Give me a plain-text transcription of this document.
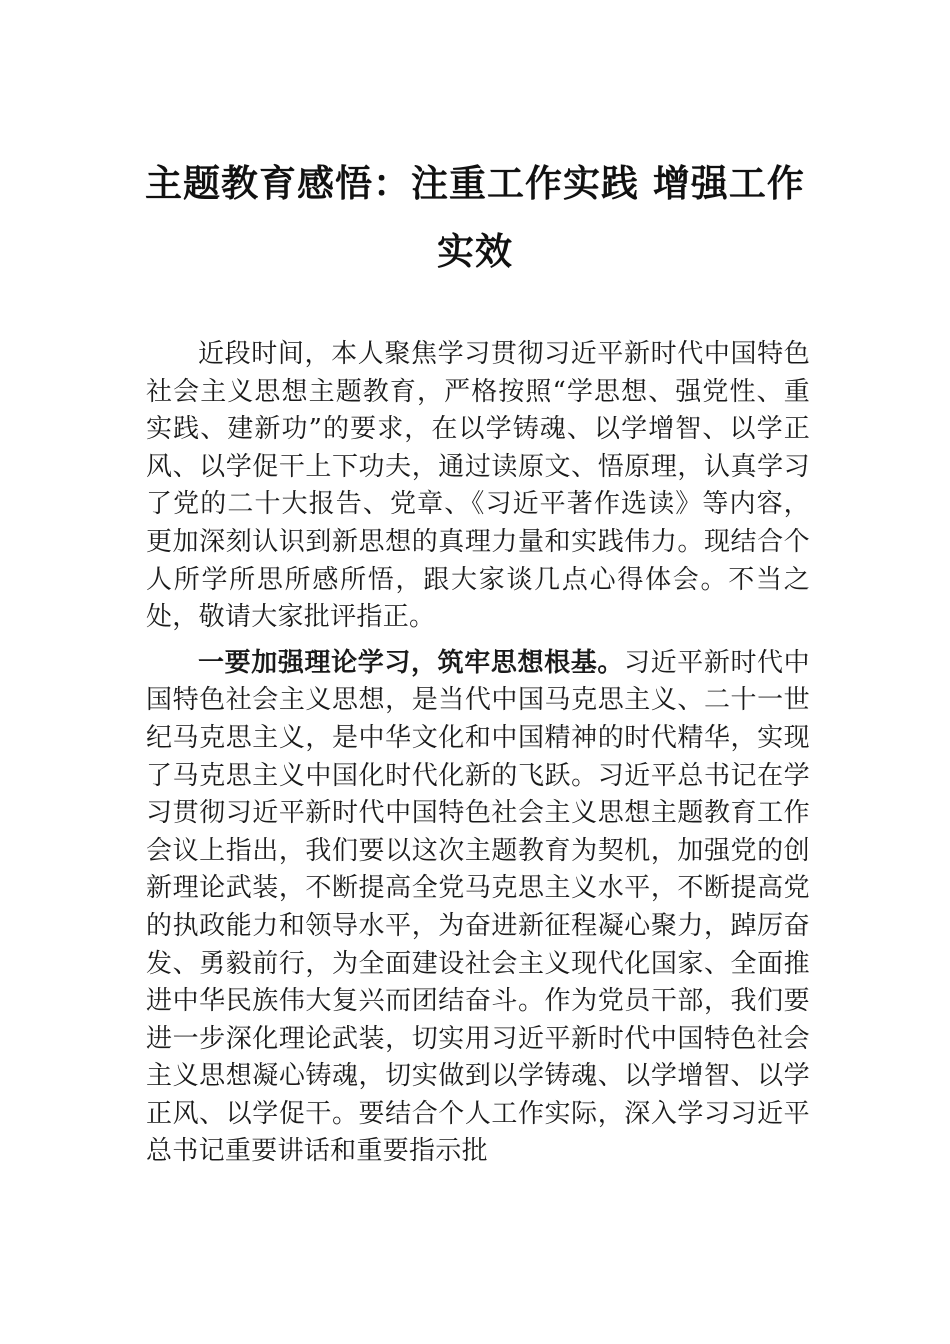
主题教育感悟：注重工作实践 增强工作实效

近段时间，本人聚焦学习贯彻习近平新时代中国特色社会主义思想主题教育，严格按照“学思想、强党性、重实践、建新功”的要求，在以学铸魂、以学增智、以学正风、以学促干上下功夫，通过读原文、悟原理，认真学习了党的二十大报告、党章、《习近平著作选读》等内容，更加深刻认识到新思想的真理力量和实践伟力。现结合个人所学所思所感所悟，跟大家谈几点心得体会。不当之处，敬请大家批评指正。

一要加强理论学习，筑牢思想根基。习近平新时代中国特色社会主义思想，是当代中国马克思主义、二十一世纪马克思主义，是中华文化和中国精神的时代精华，实现了马克思主义中国化时代化新的飞跃。习近平总书记在学习贯彻习近平新时代中国特色社会主义思想主题教育工作会议上指出，我们要以这次主题教育为契机，加强党的创新理论武装，不断提高全党马克思主义水平，不断提高党的执政能力和领导水平，为奋进新征程凝心聚力，踔厉奋发、勇毅前行，为全面建设社会主义现代化国家、全面推进中华民族伟大复兴而团结奋斗。作为党员干部，我们要进一步深化理论武装，切实用习近平新时代中国特色社会主义思想凝心铸魂，切实做到以学铸魂、以学增智、以学正风、以学促干。要结合个人工作实际，深入学习习近平总书记重要讲话和重要指示批
